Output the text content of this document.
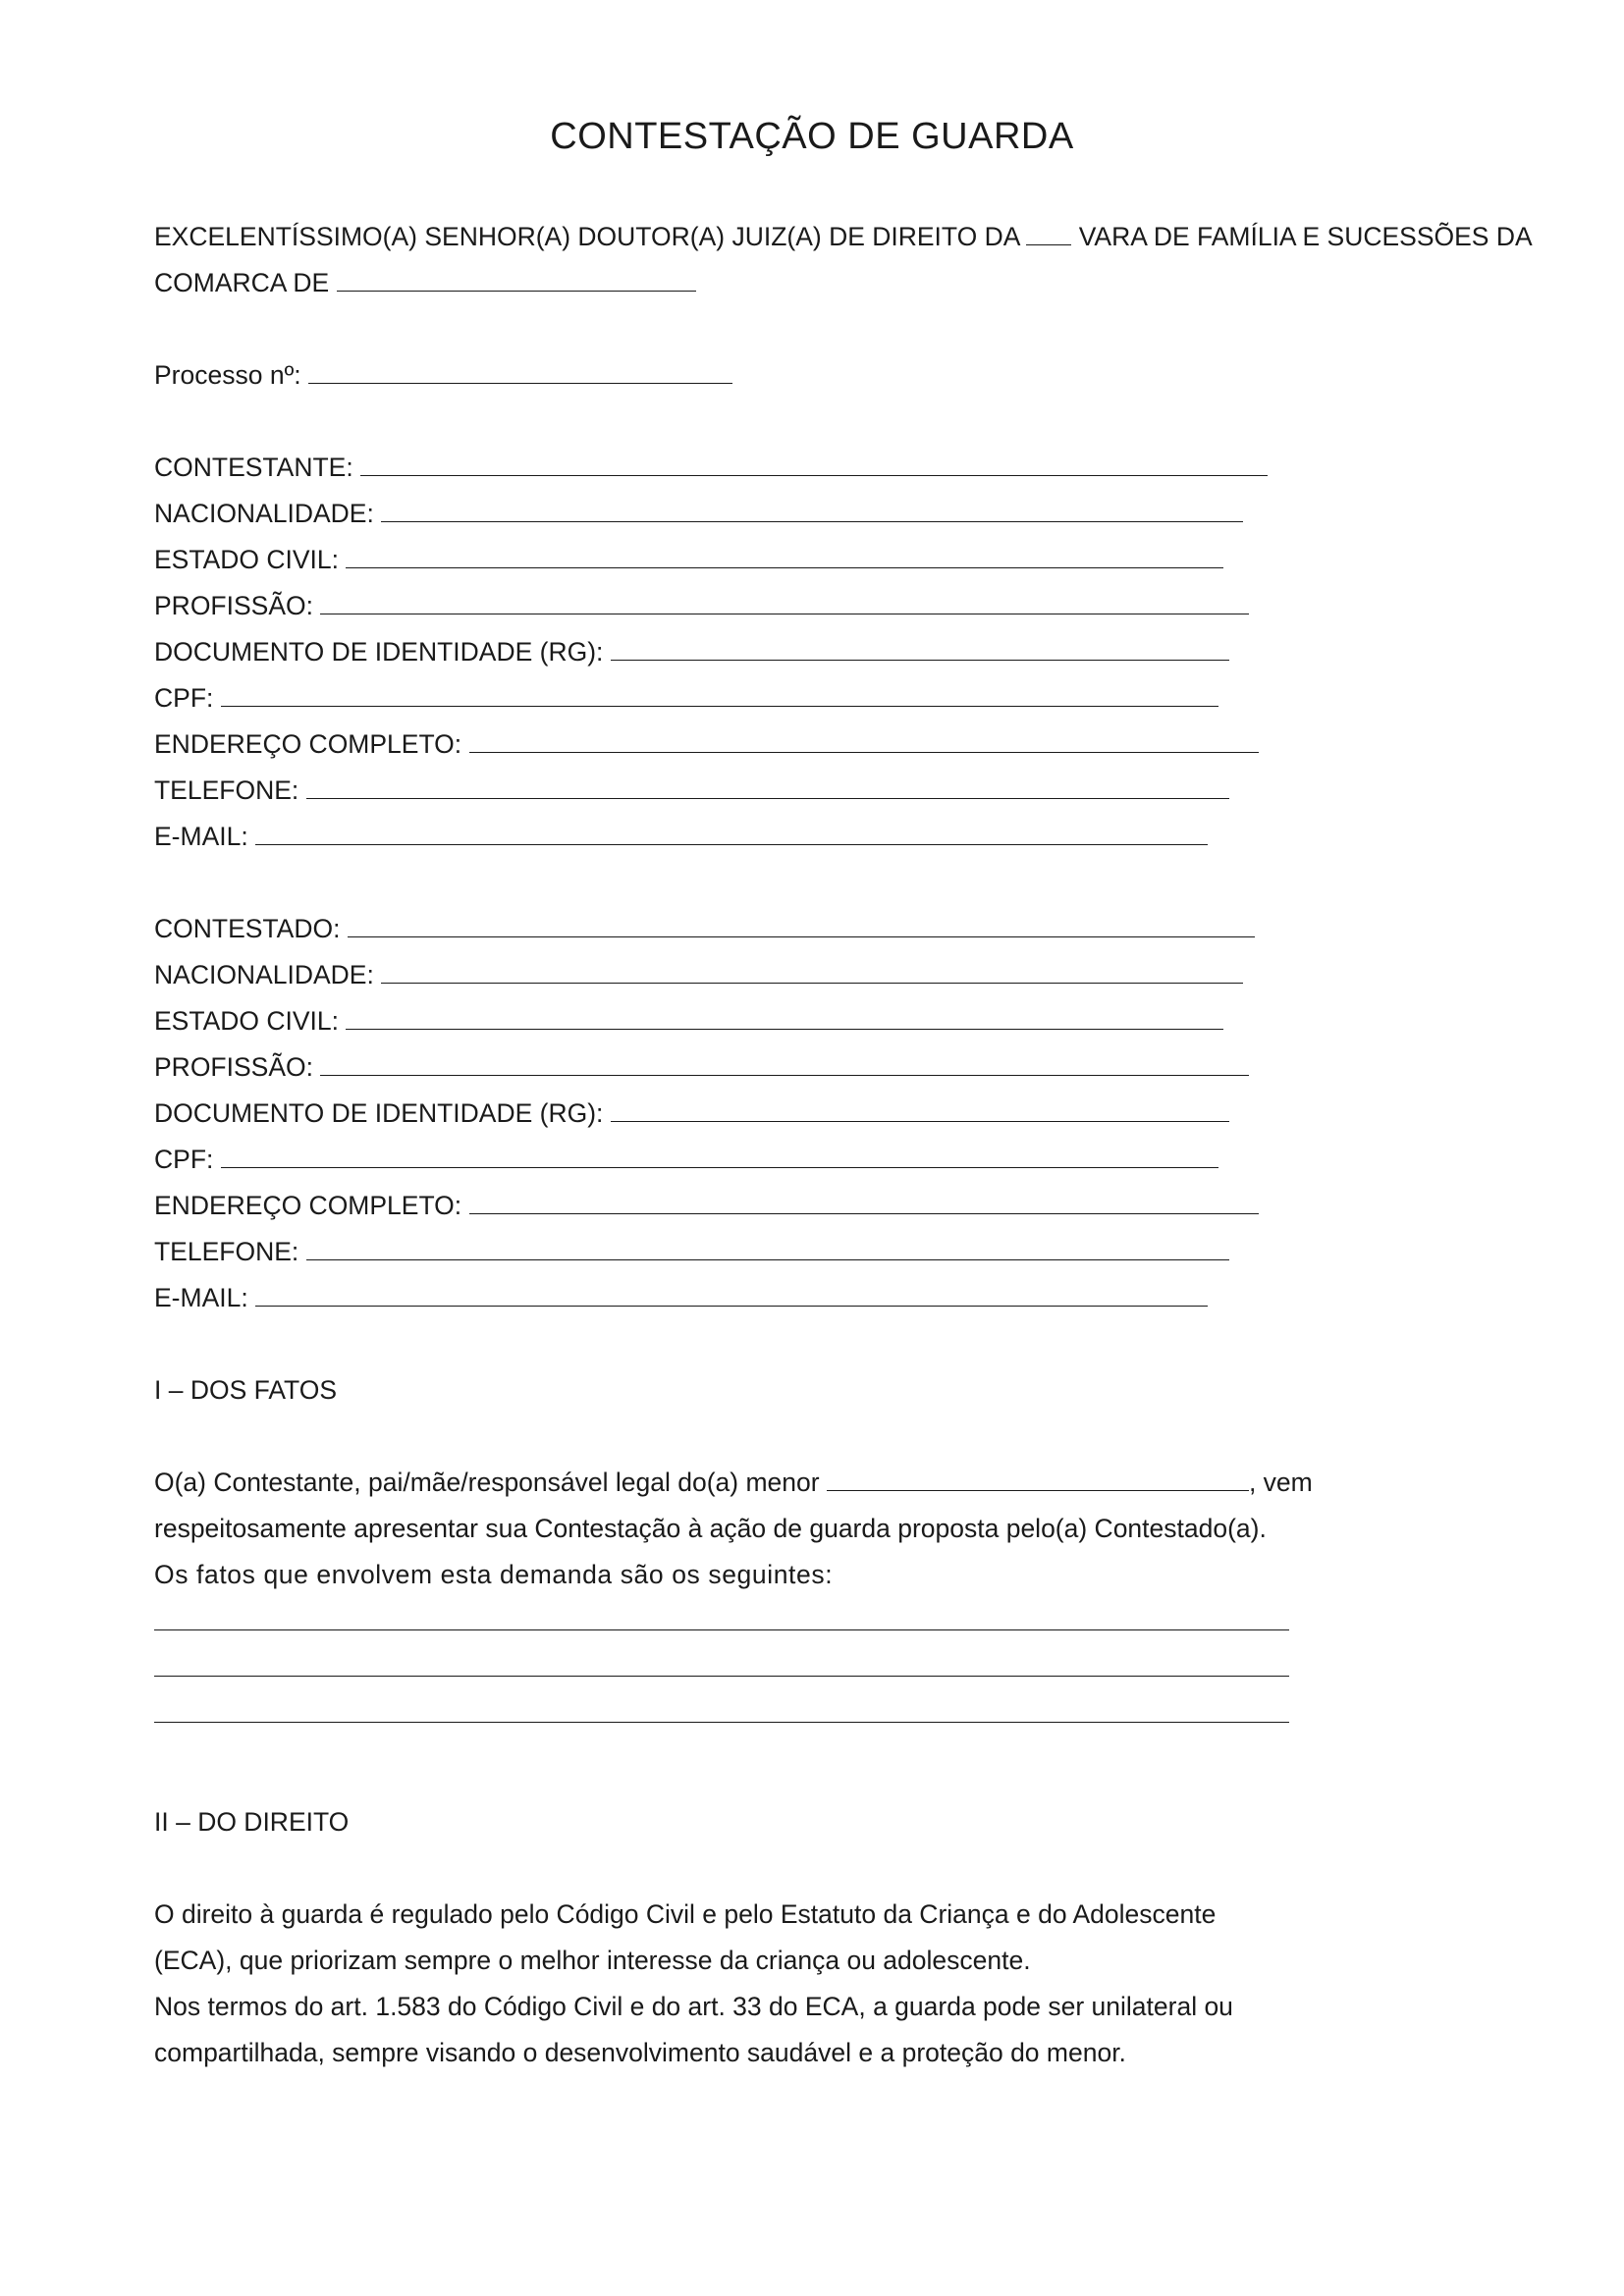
CONTESTAÇÃO DE GUARDA
EXCELENTÍSSIMO(A) SENHOR(A) DOUTOR(A) JUIZ(A) DE DIREITO DA VARA DE FAMÍLIA E SUCESSÕES DA
COMARCA DE
Processo nº:
CONTESTANTE:
NACIONALIDADE:
ESTADO CIVIL:
PROFISSÃO:
DOCUMENTO DE IDENTIDADE (RG):
CPF:
ENDEREÇO COMPLETO:
TELEFONE:
E-MAIL:
CONTESTADO:
NACIONALIDADE:
ESTADO CIVIL:
PROFISSÃO:
DOCUMENTO DE IDENTIDADE (RG):
CPF:
ENDEREÇO COMPLETO:
TELEFONE:
E-MAIL:
I – DOS FATOS
O(a) Contestante, pai/mãe/responsável legal do(a) menor	, vem
respeitosamente apresentar sua Contestação à ação de guarda proposta pelo(a) Contestado(a).
Os fatos que envolvem esta demanda são os seguintes:
II – DO DIREITO
O direito à guarda é regulado pelo Código Civil e pelo Estatuto da Criança e do Adolescente
(ECA), que priorizam sempre o melhor interesse da criança ou adolescente.
Nos termos do art. 1.583 do Código Civil e do art. 33 do ECA, a guarda pode ser unilateral ou
compartilhada, sempre visando o desenvolvimento saudável e a proteção do menor.
